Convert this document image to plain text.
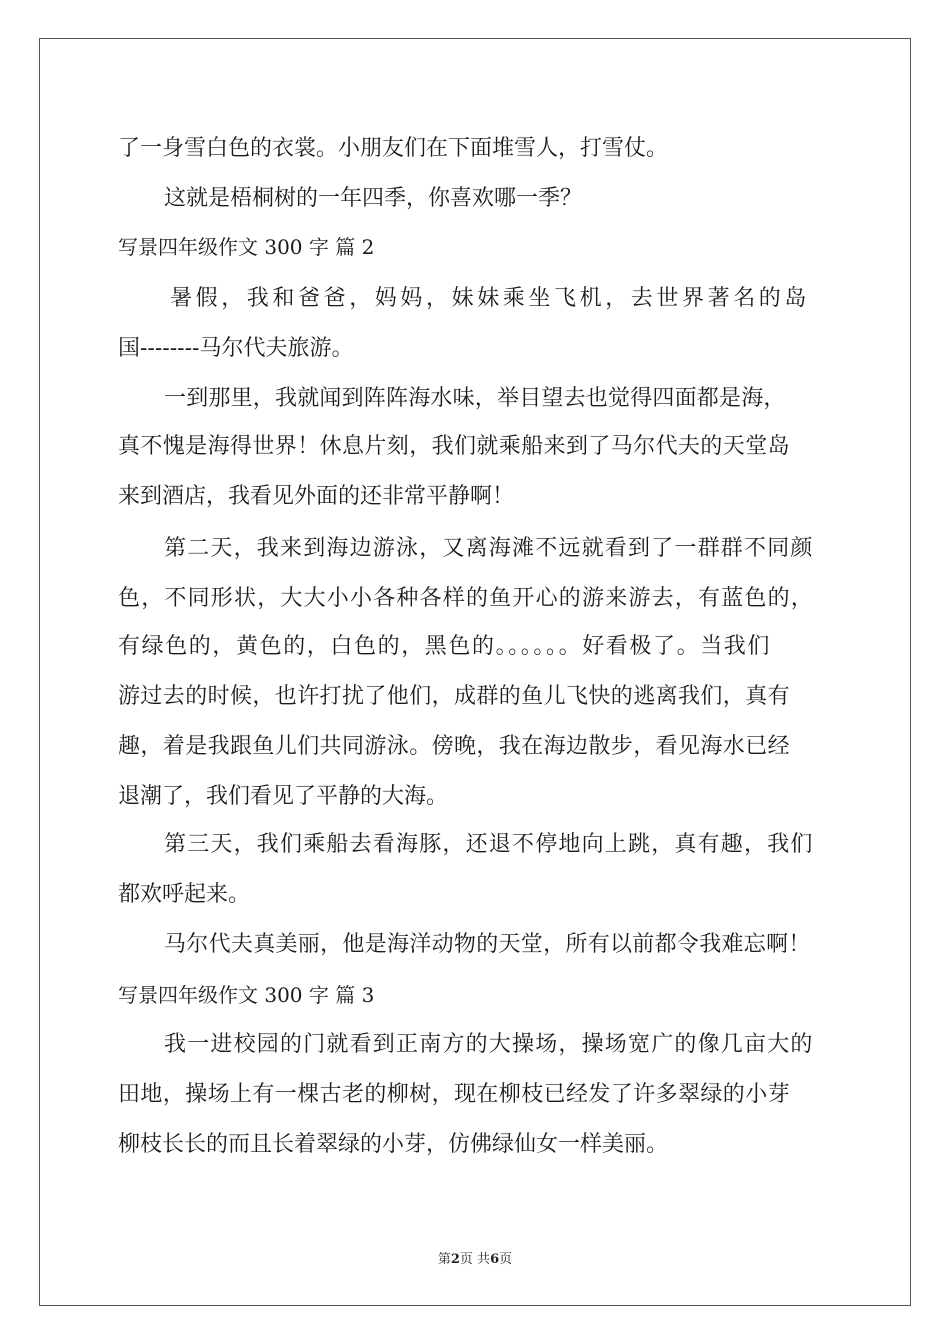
了一身雪白色的衣裳。小朋友们在下面堆雪人，打雪仗。
这就是梧桐树的一年四季，你喜欢哪一季？
写景四年级作文 300 字 篇 2
暑假，我和爸爸，妈妈，妹妹乘坐飞机，去世界著名的岛
国--------马尔代夫旅游。
一到那里，我就闻到阵阵海水味，举目望去也觉得四面都是海，
真不愧是海得世界！休息片刻，我们就乘船来到了马尔代夫的天堂岛
来到酒店，我看见外面的还非常平静啊！
第二天，我来到海边游泳，又离海滩不远就看到了一群群不同颜
色，不同形状，大大小小各种各样的鱼开心的游来游去，有蓝色的，
有绿色的，黄色的，白色的，黑色的。。。。。。好看极了。当我们
游过去的时候，也许打扰了他们，成群的鱼儿飞快的逃离我们，真有
趣，着是我跟鱼儿们共同游泳。傍晚，我在海边散步，看见海水已经
退潮了，我们看见了平静的大海。
第三天，我们乘船去看海豚，还退不停地向上跳，真有趣，我们
都欢呼起来。
马尔代夫真美丽，他是海洋动物的天堂，所有以前都令我难忘啊！
写景四年级作文 300 字 篇 3
我一进校园的门就看到正南方的大操场，操场宽广的像几亩大的
田地，操场上有一棵古老的柳树，现在柳枝已经发了许多翠绿的小芽
柳枝长长的而且长着翠绿的小芽，仿佛绿仙女一样美丽。
第2页 共6页
